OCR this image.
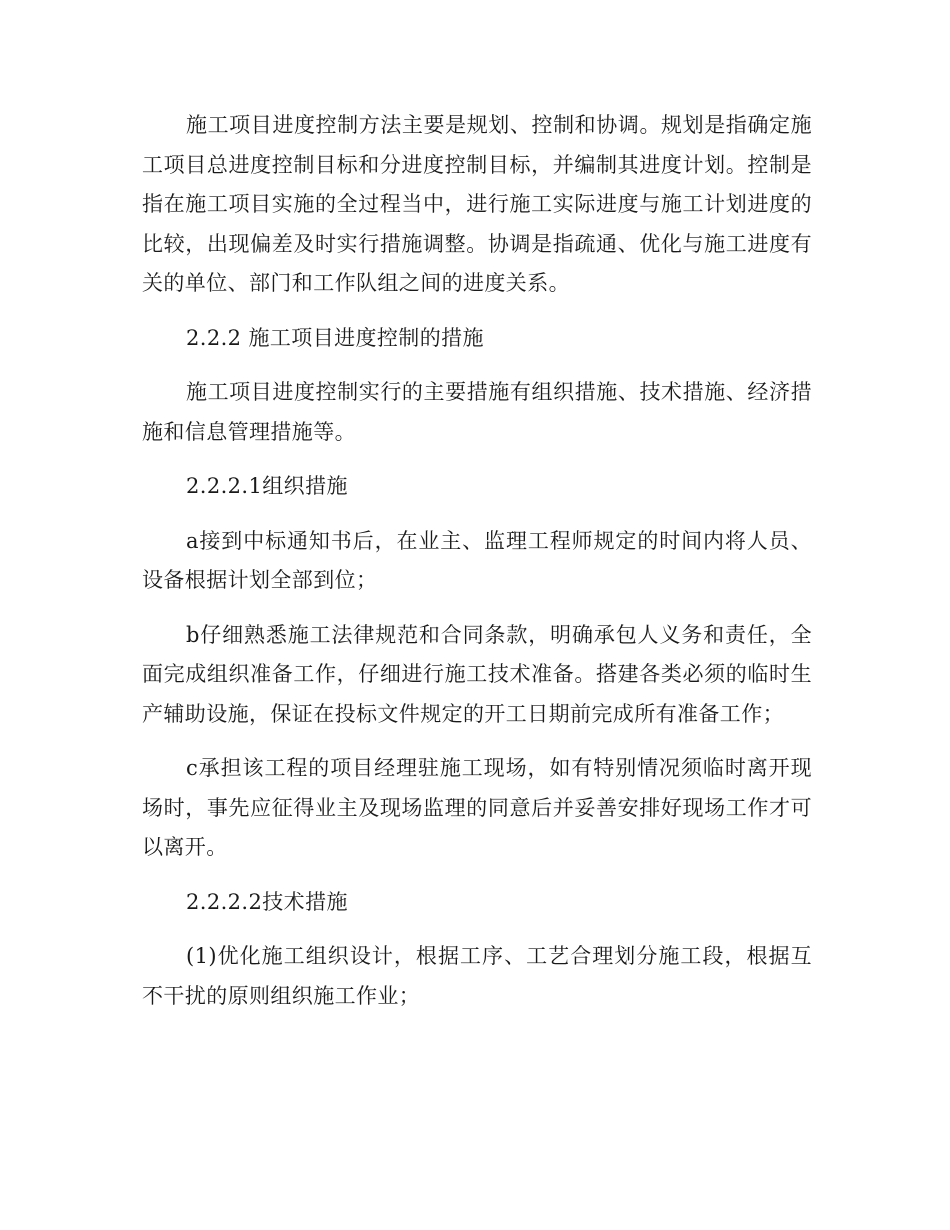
施工项目进度控制方法主要是规划、控制和协调。规划是指确定施工项目总进度控制目标和分进度控制目标，并编制其进度计划。控制是指在施工项目实施的全过程当中，进行施工实际进度与施工计划进度的比较，出现偏差及时实行措施调整。协调是指疏通、优化与施工进度有关的单位、部门和工作队组之间的进度关系。

2.2.2 施工项目进度控制的措施

施工项目进度控制实行的主要措施有组织措施、技术措施、经济措施和信息管理措施等。

2.2.2.1组织措施

a接到中标通知书后，在业主、监理工程师规定的时间内将人员、设备根据计划全部到位；

b仔细熟悉施工法律规范和合同条款，明确承包人义务和责任，全面完成组织准备工作，仔细进行施工技术准备。搭建各类必须的临时生产辅助设施，保证在投标文件规定的开工日期前完成所有准备工作；

c承担该工程的项目经理驻施工现场，如有特别情况须临时离开现场时，事先应征得业主及现场监理的同意后并妥善安排好现场工作才可以离开。

2.2.2.2技术措施

(1)优化施工组织设计，根据工序、工艺合理划分施工段，根据互不干扰的原则组织施工作业；
